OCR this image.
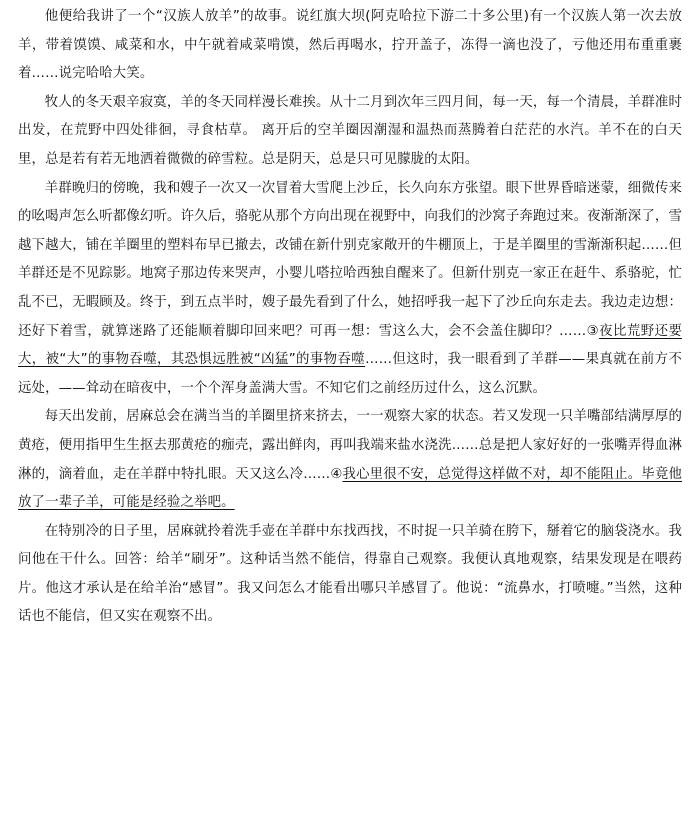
他便给我讲了一个“汉族人放羊”的故事。说红旗大坝(阿克哈拉下游二十多公里)有一个汉族人第一次去放羊，带着馍馍、咸菜和水，中午就着咸菜啃馍，然后再喝水，拧开盖子，冻得一滴也没了，亏他还用布重重裹着……说完哈哈大笑。

牧人的冬天艰辛寂寞，羊的冬天同样漫长难挨。从十二月到次年三四月间，每一天，每一个清晨，羊群准时出发，在荒野中四处徘徊，寻食枯草。 离开后的空羊圈因潮湿和温热而蒸腾着白茫茫的水汽。羊不在的白天里，总是若有若无地洒着微微的碎雪粒。总是阴天，总是只可见朦胧的太阳。

羊群晚归的傍晚，我和嫂子一次又一次冒着大雪爬上沙丘，长久向东方张望。眼下世界昏暗迷蒙，细微传来的吆喝声怎么听都像幻听。许久后，骆驼从那个方向出现在视野中，向我们的沙窝子奔跑过来。夜渐渐深了，雪越下越大，铺在羊圈里的塑料布早已撤去，改铺在新什别克家敞开的牛棚顶上，于是羊圈里的雪渐渐积起……但羊群还是不见踪影。地窝子那边传来哭声，小婴儿嗒拉哈西独自醒来了。但新什别克一家正在赶牛、系骆驼，忙乱不已，无暇顾及。终于，到五点半时，嫂子最先看到了什么，她招呼我一起下了沙丘向东走去。我边走边想：还好下着雪，就算迷路了还能顺着脚印回来吧？可再一想：雪这么大，会不会盖住脚印？……③夜比荒野还要大，被“大”的事物吞噬，其恐惧远胜被“凶猛”的事物吞噬……但这时，我一眼看到了羊群——果真就在前方不远处，——耸动在暗夜中，一个个浑身盖满大雪。不知它们之前经历过什么，这么沉默。

每天出发前，居麻总会在满当当的羊圈里挤来挤去，一一观察大家的状态。若又发现一只羊嘴部结满厚厚的黄疮，便用指甲生生抠去那黄疮的痂壳，露出鲜肉，再叫我端来盐水浇洗……总是把人家好好的一张嘴弄得血淋淋的，滴着血，走在羊群中特扎眼。天又这么冷……④我心里很不安，总觉得这样做不对，却不能阻止。毕竟他放了一辈子羊，可能是经验之举吧。

在特别冷的日子里，居麻就拎着洗手壶在羊群中东找西找，不时捉一只羊骑在胯下，掰着它的脑袋浇水。我问他在干什么。回答：给羊“刷牙”。这种话当然不能信，得靠自己观察。我便认真地观察，结果发现是在喂药片。他这才承认是在给羊治“感冒”。我又问怎么才能看出哪只羊感冒了。他说：“流鼻水，打喷嚏。”当然，这种话也不能信，但又实在观察不出。
